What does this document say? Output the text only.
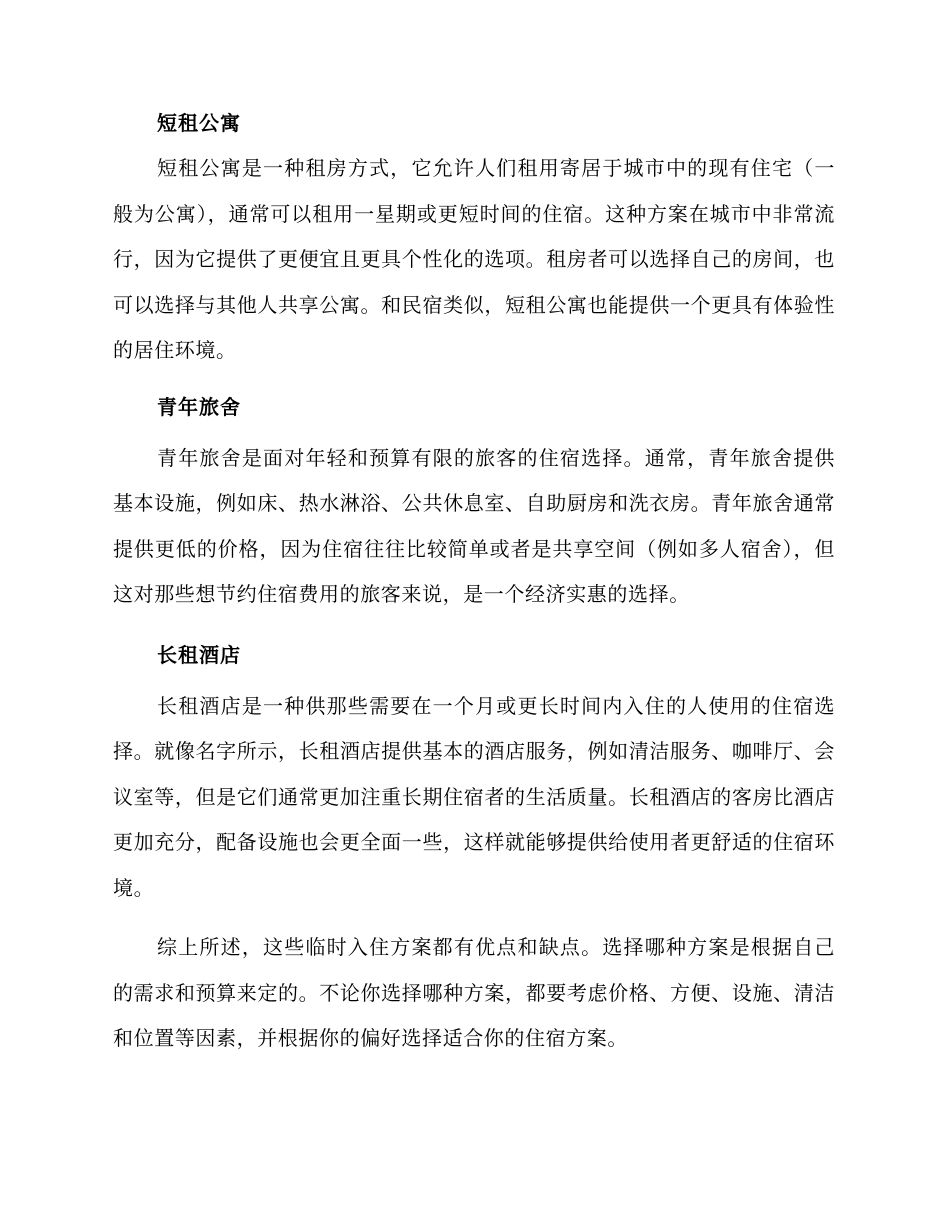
短租公寓

短租公寓是一种租房方式，它允许人们租用寄居于城市中的现有住宅（一般为公寓），通常可以租用一星期或更短时间的住宿。这种方案在城市中非常流行，因为它提供了更便宜且更具个性化的选项。租房者可以选择自己的房间，也可以选择与其他人共享公寓。和民宿类似，短租公寓也能提供一个更具有体验性的居住环境。

青年旅舍

青年旅舍是面对年轻和预算有限的旅客的住宿选择。通常，青年旅舍提供基本设施，例如床、热水淋浴、公共休息室、自助厨房和洗衣房。青年旅舍通常提供更低的价格，因为住宿往往比较简单或者是共享空间（例如多人宿舍），但这对那些想节约住宿费用的旅客来说，是一个经济实惠的选择。

长租酒店

长租酒店是一种供那些需要在一个月或更长时间内入住的人使用的住宿选择。就像名字所示，长租酒店提供基本的酒店服务，例如清洁服务、咖啡厅、会议室等，但是它们通常更加注重长期住宿者的生活质量。长租酒店的客房比酒店更加充分，配备设施也会更全面一些，这样就能够提供给使用者更舒适的住宿环境。

综上所述，这些临时入住方案都有优点和缺点。选择哪种方案是根据自己的需求和预算来定的。不论你选择哪种方案，都要考虑价格、方便、设施、清洁和位置等因素，并根据你的偏好选择适合你的住宿方案。
